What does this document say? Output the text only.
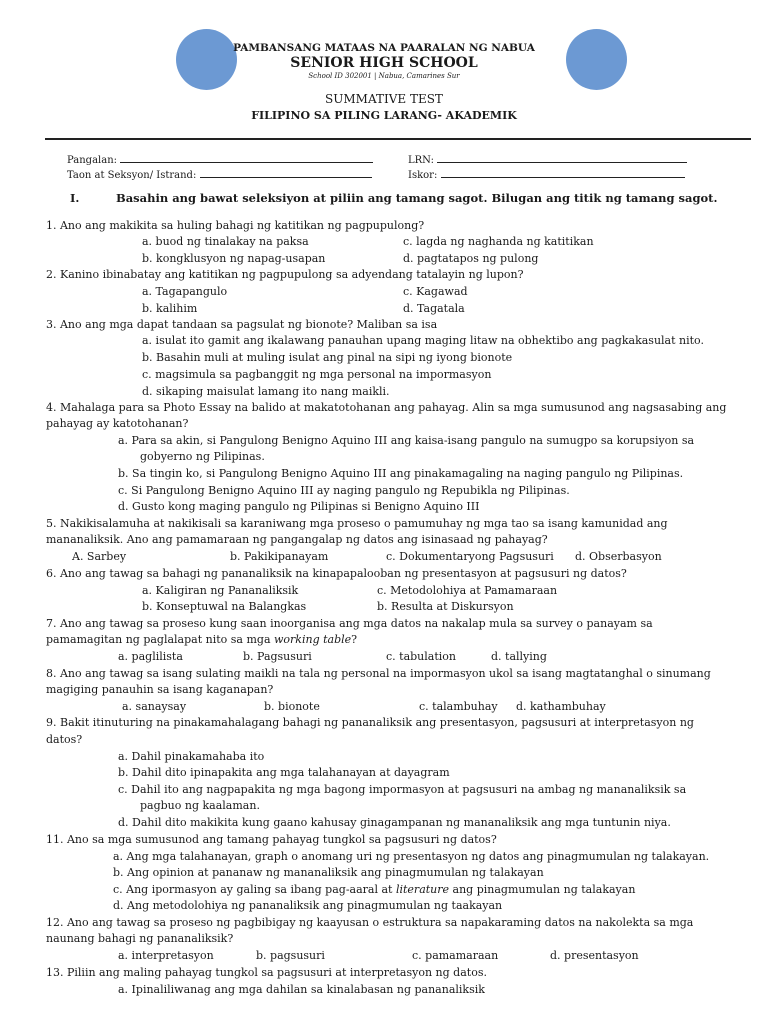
PAMBANSANG MATAAS NA PAARALAN NG NABUA
SENIOR HIGH SCHOOL
School ID 302001 | Nabua, Camarines Sur
SUMMATIVE TEST
FILIPINO SA PILING LARANG- AKADEMIK
Pangalan:	LRN:
Taon at Seksyon/ Istrand:	Iskor:
I.	Basahin ang bawat seleksiyon at piliin ang tamang sagot. Bilugan ang titik ng tamang sagot.
1. Ano ang makikita sa huling bahagi ng katitikan ng pagpupulong?
a. buod ng tinalakay na paksa	c. lagda ng naghanda ng katitikan
b. kongklusyon ng napag-usapan	d. pagtatapos ng pulong
2. Kanino ibinabatay ang katitikan ng pagpupulong sa adyendang tatalayin ng lupon?
a. Tagapangulo	c. Kagawad
b. kalihim	d. Tagatala
3. Ano ang mga dapat tandaan sa pagsulat ng bionote? Maliban sa isa
a. isulat ito gamit ang ikalawang panauhan upang maging litaw na obhektibo ang pagkakasulat nito.
b. Basahin muli at muling isulat ang pinal na sipi ng iyong bionote
c. magsimula sa pagbanggit ng mga personal na impormasyon
d. sikaping maisulat lamang ito nang maikli.
4. Mahalaga para sa Photo Essay na balido at makatotohanan ang pahayag. Alin sa mga sumusunod ang nagsasabing ang
pahayag ay katotohanan?
a. Para sa akin, si Pangulong Benigno Aquino III ang kaisa-isang pangulo na sumugpo sa korupsiyon sa
gobyerno ng Pilipinas.
b. Sa tingin ko, si Pangulong Benigno Aquino III ang pinakamagaling na naging pangulo ng Pilipinas.
c. Si Pangulong Benigno Aquino III ay naging pangulo ng Repubikla ng Pilipinas.
d. Gusto kong maging pangulo ng Pilipinas si Benigno Aquino III
5. Nakikisalamuha at nakikisali sa karaniwang mga proseso o pamumuhay ng mga tao sa isang kamunidad ang
mananaliksik. Ano ang pamamaraan ng pangangalap ng datos ang isinasaad ng pahayag?
A. Sarbey	b. Pakikipanayam	c. Dokumentaryong Pagsusuri d. Obserbasyon
6. Ano ang tawag sa bahagi ng pananaliksik na kinapapalooban ng presentasyon at pagsusuri ng datos?
a. Kaligiran ng Pananaliksik	c. Metodolohiya at Pamamaraan
b. Konseptuwal na Balangkas	b. Resulta at Diskursyon
7. Ano ang tawag sa proseso kung saan inoorganisa ang mga datos na nakalap mula sa survey o panayam sa
pamamagitan ng paglalapat nito sa mga working table?
a. paglilista	b. Pagsusuri	c. tabulation	d. tallying
8. Ano ang tawag sa isang sulating maikli na tala ng personal na impormasyon ukol sa isang magtatanghal o sinumang
magiging panauhin sa isang kaganapan?
a. sanaysay	b. bionote	c. talambuhay d. kathambuhay
9. Bakit itinuturing na pinakamahalagang bahagi ng pananaliksik ang presentasyon, pagsusuri at interpretasyon ng
datos?
a. Dahil pinakamahaba ito
b. Dahil dito ipinapakita ang mga talahanayan at dayagram
c. Dahil ito ang nagpapakita ng mga bagong impormasyon at pagsusuri na ambag ng mananaliksik sa
pagbuo ng kaalaman.
d. Dahil dito makikita kung gaano kahusay ginagampanan ng mananaliksik ang mga tuntunin niya.
11. Ano sa mga sumusunod ang tamang pahayag tungkol sa pagsusuri ng datos?
a. Ang mga talahanayan, graph o anomang uri ng presentasyon ng datos ang pinagmumulan ng talakayan.
b. Ang opinion at pananaw ng mananaliksik ang pinagmumulan ng talakayan
c. Ang ipormasyon ay galing sa ibang pag-aaral at literature ang pinagmumulan ng talakayan
d. Ang metodolohiya ng pananaliksik ang pinagmumulan ng taakayan
12. Ano ang tawag sa proseso ng pagbibigay ng kaayusan o estruktura sa napakaraming datos na nakolekta sa mga
naunang bahagi ng pananaliksik?
a. interpretasyon	b. pagsusuri	c. pamamaraan	d. presentasyon
13. Piliin ang maling pahayag tungkol sa pagsusuri at interpretasyon ng datos.
a. Ipinaliliwanag ang mga dahilan sa kinalabasan ng pananaliksik
